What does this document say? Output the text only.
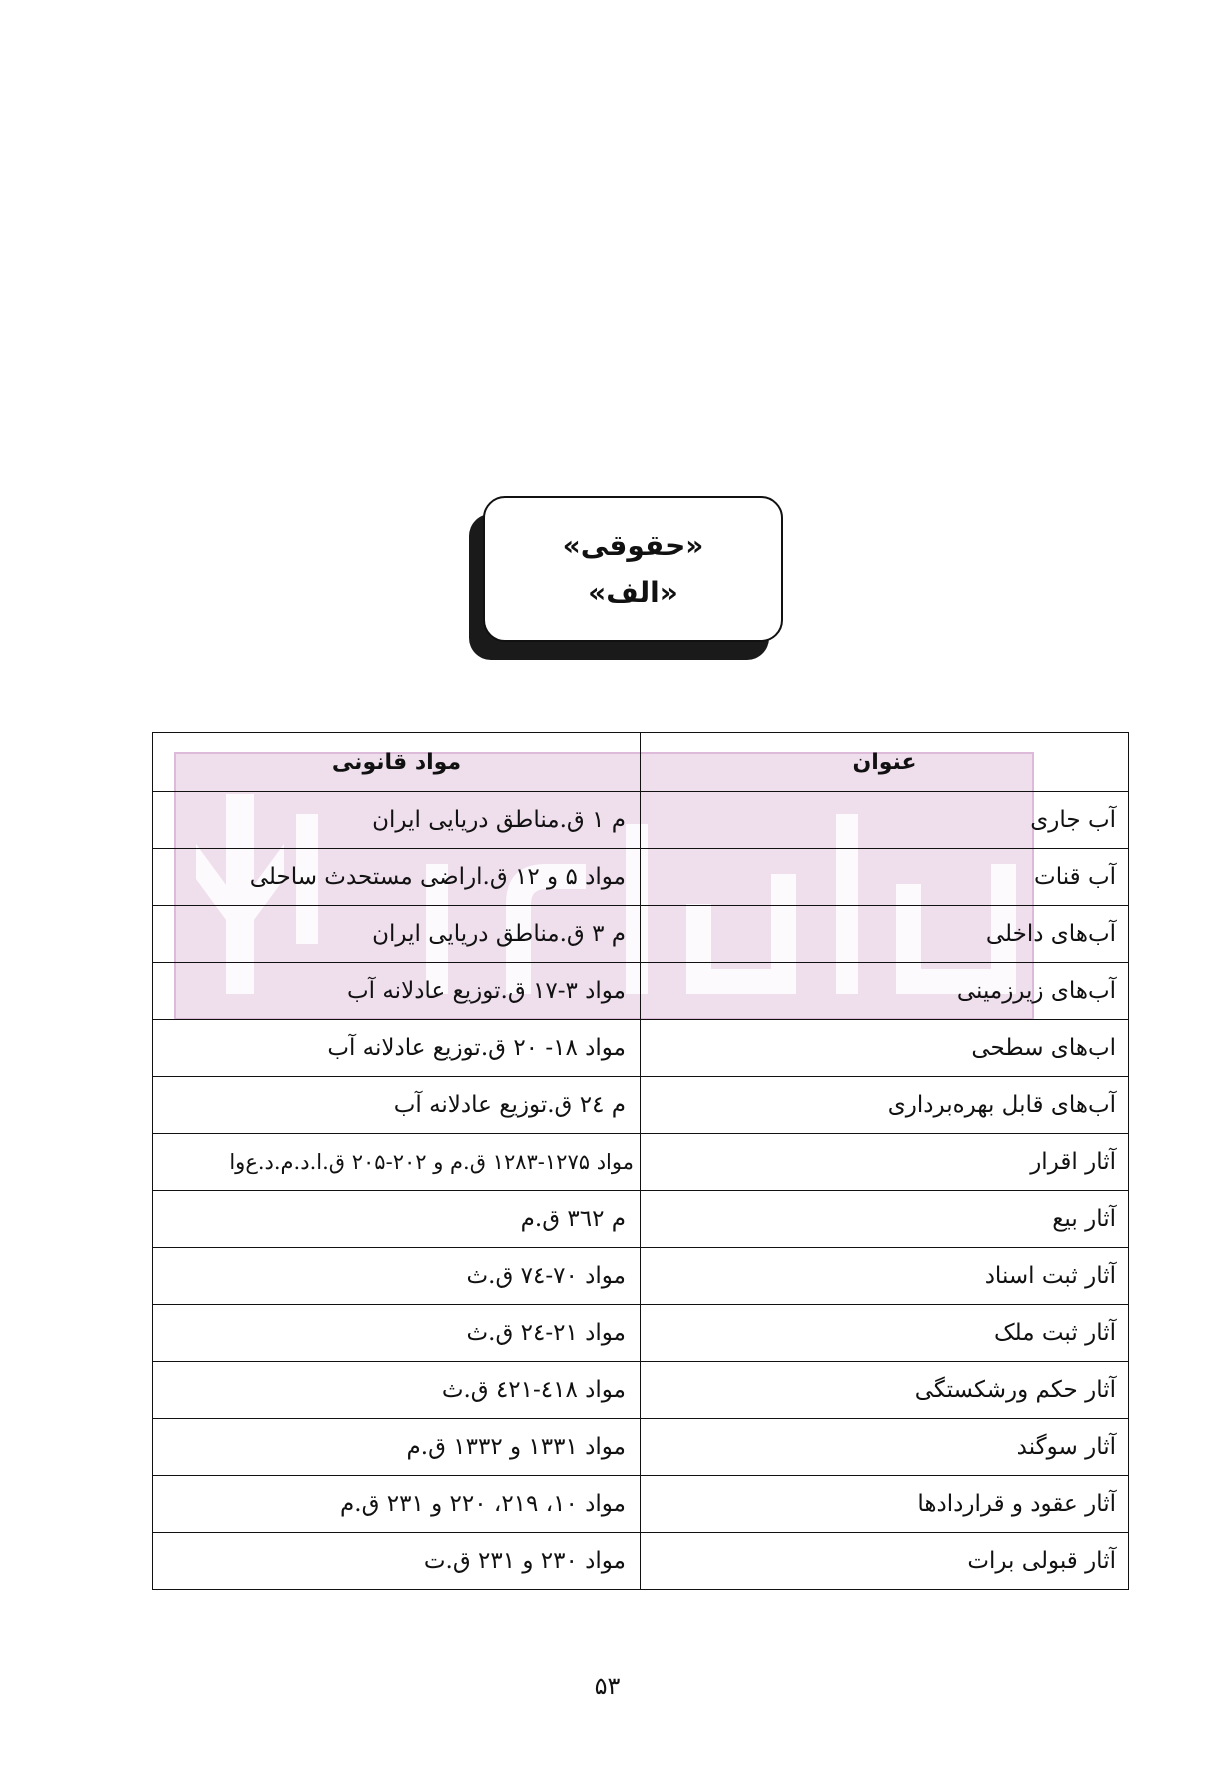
«حقوقی»
«الف»
عنوان	مواد قانونی
آب جاری	م ۱ ق.مناطق دریایی ایران
آب قنات	مواد ۵ و ۱۲ ق.اراضی مستحدث ساحلی
آب‌های داخلی	م ۳ ق.مناطق دریایی ایران
آب‌های زیرزمینی	مواد ۳-۱۷ ق.توزیع عادلانه آب
اب‌های سطحی	مواد ۱۸- ۲۰ ق.توزیع عادلانه آب
آب‌های قابل بهره‌برداری	م ۲٤ ق.توزیع عادلانه آب
آثار اقرار	مواد ۱۲۷۵-۱۲۸۳ ق.م و ۲۰۲-۲۰۵ ق.ا.د.م.د.ع‌وا
آثار بیع	م ۳٦۲ ق.م
آثار ثبت اسناد	مواد ۷۰-۷٤ ق.ث
آثار ثبت ملک	مواد ۲۱-۲٤ ق.ث
آثار حکم ورشکستگی	مواد ٤۱۸-٤۲۱ ق.ث
آثار سوگند	مواد ۱۳۳۱ و ۱۳۳۲ ق.م
آثار عقود و قراردادها	مواد ۱۰، ۲۱۹، ۲۲۰ و ۲۳۱ ق.م
آثار قبولی برات	مواد ۲۳۰ و ۲۳۱ ق.ت
۵۳
